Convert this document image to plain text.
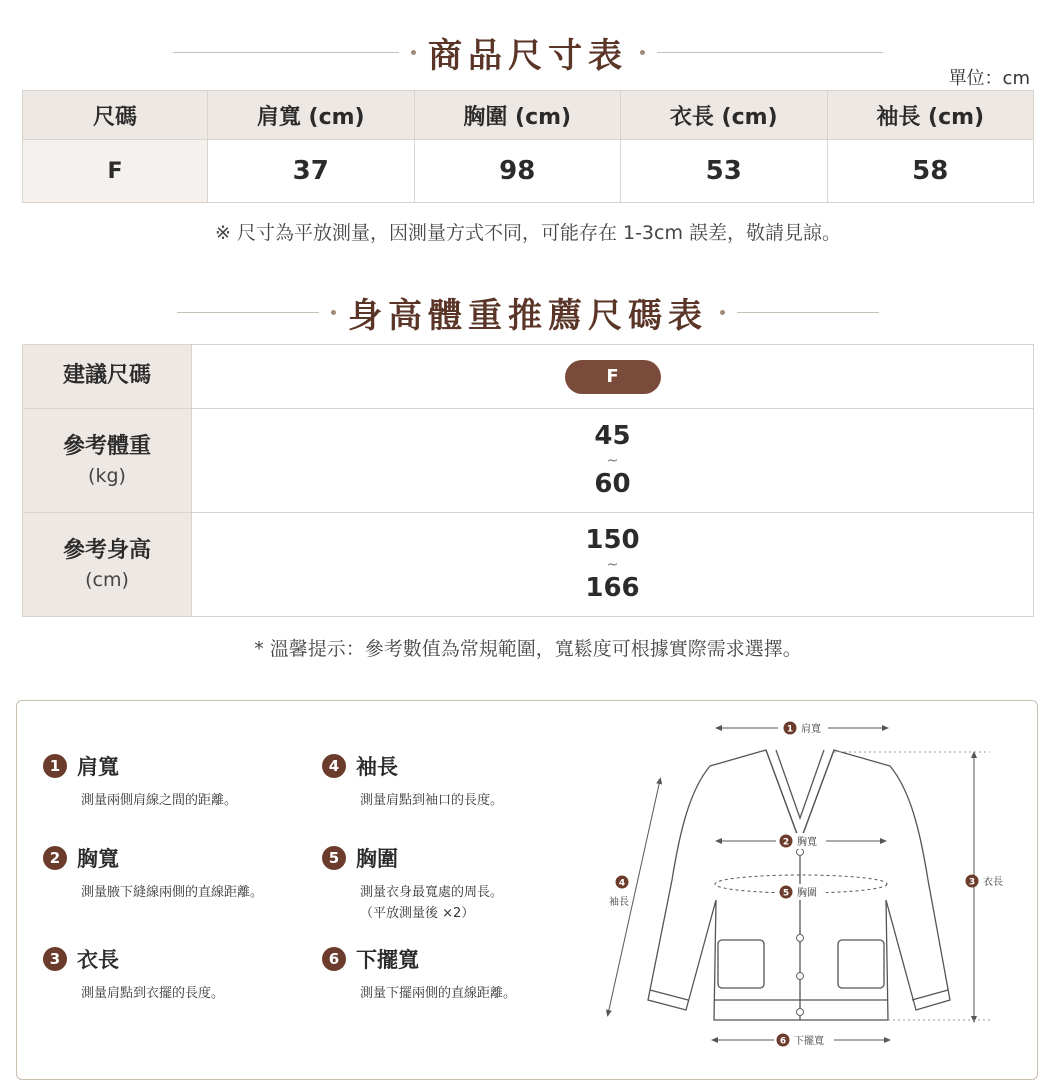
商品尺寸表
單位：cm
尺碼	肩寬 (cm)	胸圍 (cm)	衣長 (cm)	袖長 (cm)
F	37	98	53	58
※ 尺寸為平放測量，因測量方式不同，可能存在 1-3cm 誤差，敬請見諒。
身高體重推薦尺碼表
建議尺碼	F
參考體重
(kg)	45
~
60

參考身高
(cm)	150
~
166
* 溫馨提示：參考數值為常規範圍，寬鬆度可根據實際需求選擇。
1 肩寬
測量兩側肩線之間的距離。
2 胸寬
測量腋下縫線兩側的直線距離。
3 衣長
測量肩點到衣擺的長度。
4 袖長
測量肩點到袖口的長度。
5 胸圍
測量衣身最寬處的周長。
（平放測量後 ×2）
6 下擺寬
測量下擺兩側的直線距離。
1 肩寬
2 胸寬
5 胸圍
3 衣長
4
袖長
6 下擺寬
